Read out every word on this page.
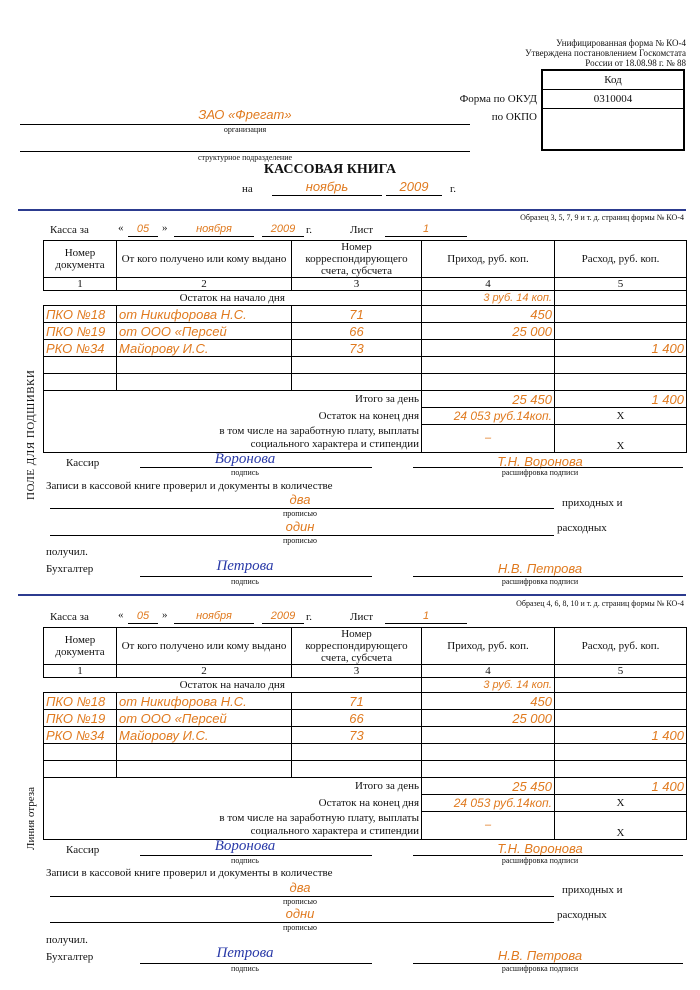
Унифицированная форма № КО-4
Утверждена постановлением Госкомстата
России от 18.08.98 г. № 88
Код
0310004
Форма по ОКУД
по ОКПО
ЗАО «Фрегат»
организация
структурное подразделение
КАССОВАЯ КНИГА
на	ноябрь	2009	г.
ПОЛЕ ДЛЯ ПОДШИВКИ
Линия отреза
Образец 3, 5, 7, 9 и т. д. страниц формы № КО-4
Касса за	«	05	»	ноября	2009 г.	Лист	1
Номер документа	От кого получено или кому выдано	Номер корреспондирующего счета, субсчета	Приход, руб. коп.	Расход, руб. коп.
1	2	3	4	5
Остаток на начало дня			3 руб. 14 коп.	
ПКО №18	от Никифорова Н.С.	71	450	
ПКО №19	от ООО «Персей	66	25 000	
РКО №34	Майорову И.С.	73		1 400

Итого за день			25 450	1 400
Остаток на конец дня			24 053 руб.14коп.	X
в том числе на заработную плату, выплаты
социального характера и стипендии			–	X
Кассир	Воронова
подпись
Т.Н. Воронова
расшифровка подписи
Записи в кассовой книге проверил и документы в количестве
два
прописью
приходных и
один
прописью
расходных
получил.
Бухгалтер	Петрова
подпись
Н.В. Петрова
расшифровка подписи
Образец 4, 6, 8, 10 и т. д. страниц формы № КО-4
Касса за	«	05	»	ноября	2009 г.	Лист	1
Номер документа	От кого получено или кому выдано	Номер корреспондирующего счета, субсчета	Приход, руб. коп.	Расход, руб. коп.
1	2	3	4	5
Остаток на начало дня			3 руб. 14 коп.	
ПКО №18	от Никифорова Н.С.	71	450	
ПКО №19	от ООО «Персей	66	25 000	
РКО №34	Майорову И.С.	73		1 400

Итого за день			25 450	1 400
Остаток на конец дня			24 053 руб.14коп.	X
в том числе на заработную плату, выплаты
социального характера и стипендии			–	X
Кассир	Воронова
подпись
Т.Н. Воронова
расшифровка подписи
Записи в кассовой книге проверил и документы в количестве
два
прописью
приходных и
одни
прописью
расходных
получил.
Бухгалтер	Петрова
подпись
Н.В. Петрова
расшифровка подписи
